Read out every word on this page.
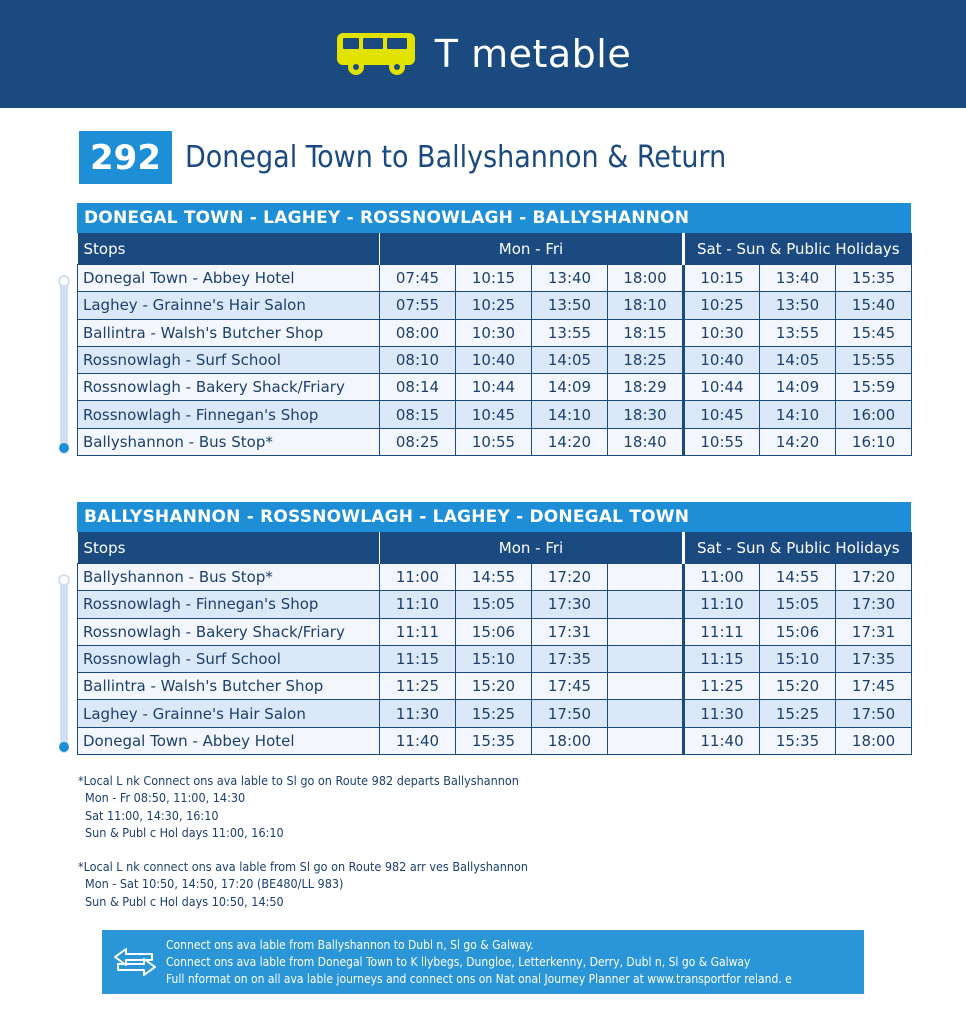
T metable
292 Donegal Town to Ballyshannon & Return
DONEGAL TOWN - LAGHEY - ROSSNOWLAGH - BALLYSHANNON
Stops	Mon - Fri				Sat - Sun & Public Holidays		
Donegal Town - Abbey Hotel	07:45	10:15	13:40	18:00	10:15	13:40	15:35
Laghey - Grainne's Hair Salon	07:55	10:25	13:50	18:10	10:25	13:50	15:40
Ballintra - Walsh's Butcher Shop	08:00	10:30	13:55	18:15	10:30	13:55	15:45
Rossnowlagh - Surf School	08:10	10:40	14:05	18:25	10:40	14:05	15:55
Rossnowlagh - Bakery Shack/Friary	08:14	10:44	14:09	18:29	10:44	14:09	15:59
Rossnowlagh - Finnegan's Shop	08:15	10:45	14:10	18:30	10:45	14:10	16:00
Ballyshannon - Bus Stop*	08:25	10:55	14:20	18:40	10:55	14:20	16:10
BALLYSHANNON - ROSSNOWLAGH - LAGHEY - DONEGAL TOWN
Stops	Mon - Fri				Sat - Sun & Public Holidays		
Ballyshannon - Bus Stop*	11:00	14:55	17:20		11:00	14:55	17:20
Rossnowlagh - Finnegan's Shop	11:10	15:05	17:30		11:10	15:05	17:30
Rossnowlagh - Bakery Shack/Friary	11:11	15:06	17:31		11:11	15:06	17:31
Rossnowlagh - Surf School	11:15	15:10	17:35		11:15	15:10	17:35
Ballintra - Walsh's Butcher Shop	11:25	15:20	17:45		11:25	15:20	17:45
Laghey - Grainne's Hair Salon	11:30	15:25	17:50		11:30	15:25	17:50
Donegal Town - Abbey Hotel	11:40	15:35	18:00		11:40	15:35	18:00
*Local L nk Connect ons ava lable to Sl go on Route 982 departs Ballyshannon
Mon - Fr 08:50, 11:00, 14:30
Sat 11:00, 14:30, 16:10
Sun & Publ c Hol days 11:00, 16:10
*Local L nk connect ons ava lable from Sl go on Route 982 arr ves Ballyshannon
Mon - Sat 10:50, 14:50, 17:20 (BE480/LL 983)
Sun & Publ c Hol days 10:50, 14:50
Connect ons ava lable from Ballyshannon to Dubl n, Sl go & Galway.
Connect ons ava lable from Donegal Town to K llybegs, Dungloe, Letterkenny, Derry, Dubl n, Sl go & Galway
Full nformat on on all ava lable journeys and connect ons on Nat onal Journey Planner at www.transportfor reland. e
